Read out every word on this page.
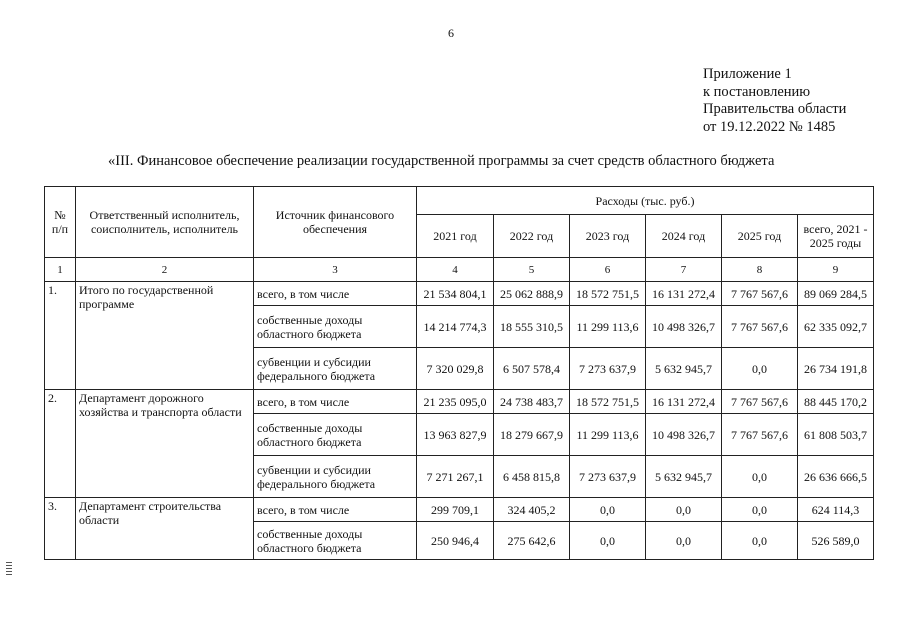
6
Приложение 1
к постановлению
Правительства области
от 19.12.2022 № 1485
«III. Финансовое обеспечение реализации государственной программы за счет средств областного бюджета
№ п/п	Ответственный исполнитель, соисполнитель, исполнитель	Источник финансового обеспечения	Расходы (тыс. руб.)					
			2021 год	2022 год	2023 год	2024 год	2025 год	всего, 2021 - 2025 годы
1	2	3	4	5	6	7	8	9
1.	Итого по государственной программе	всего, в том числе	21 534 804,1	25 062 888,9	18 572 751,5	16 131 272,4	7 767 567,6	89 069 284,5
		собственные доходы областного бюджета	14 214 774,3	18 555 310,5	11 299 113,6	10 498 326,7	7 767 567,6	62 335 092,7
		субвенции и субсидии федерального бюджета	7 320 029,8	6 507 578,4	7 273 637,9	5 632 945,7	0,0	26 734 191,8
2.	Департамент дорожного хозяйства и транспорта области	всего, в том числе	21 235 095,0	24 738 483,7	18 572 751,5	16 131 272,4	7 767 567,6	88 445 170,2
		собственные доходы областного бюджета	13 963 827,9	18 279 667,9	11 299 113,6	10 498 326,7	7 767 567,6	61 808 503,7
		субвенции и субсидии федерального бюджета	7 271 267,1	6 458 815,8	7 273 637,9	5 632 945,7	0,0	26 636 666,5
3.	Департамент строительства области	всего, в том числе	299 709,1	324 405,2	0,0	0,0	0,0	624 114,3
		собственные доходы областного бюджета	250 946,4	275 642,6	0,0	0,0	0,0	526 589,0
